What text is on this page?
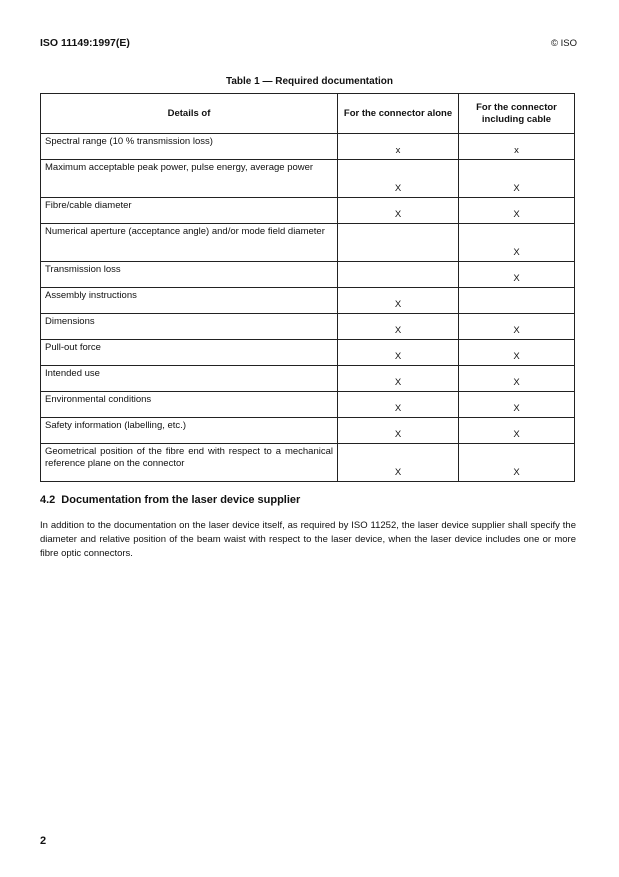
ISO 11149:1997(E)	© ISO
Table 1 — Required documentation
Details of	For the connector alone	For the connector including cable
Spectral range (10 % transmission loss)	x	x
Maximum acceptable peak power, pulse energy, average power	X	X
Fibre/cable diameter	X	X
Numerical aperture (acceptance angle) and/or mode field diameter		X
Transmission loss		X
Assembly instructions	X	
Dimensions	X	X
Pull-out force	X	X
Intended use	X	X
Environmental conditions	X	X
Safety information (labelling, etc.)	X	X
Geometrical position of the fibre end with respect to a mechanical reference plane on the connector	X	X
4.2 Documentation from the laser device supplier
In addition to the documentation on the laser device itself, as required by ISO 11252, the laser device supplier shall specify the diameter and relative position of the beam waist with respect to the laser device, when the laser device includes one or more fibre optic connectors.
2
